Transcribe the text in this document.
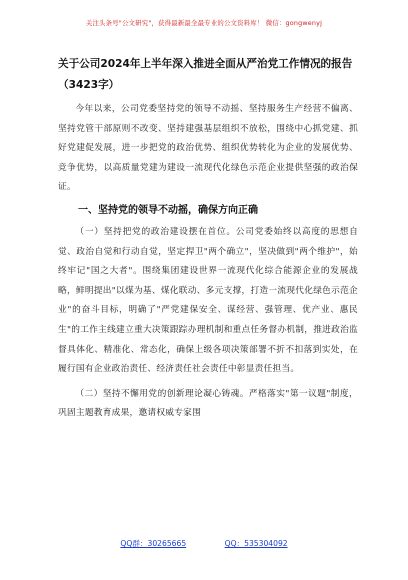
关注头条号"公文研究"，获得最新最全最专业的公文资料库！ 微信：gongwenyj
关于公司2024年上半年深入推进全面从严治党工作情况的报告（3423字）

今年以来，公司党委坚持党的领导不动摇、坚持服务生产经营不偏离、坚持党管干部原则不改变、坚持建强基层组织不放松，围绕中心抓党建、抓好党建促发展，进一步把党的政治优势、组织优势转化为企业的发展优势、竞争优势，以高质量党建为建设一流现代化绿色示范企业提供坚强的政治保证。

一、坚持党的领导不动摇，确保方向正确

（一）坚持把党的政治建设摆在首位。公司党委始终以高度的思想自觉、政治自觉和行动自觉，坚定捍卫"两个确立"，坚决做到"两个维护"，始终牢记"国之大者"。围绕集团建设世界一流现代化综合能源企业的发展战略，鲜明提出"以煤为基、煤化联动、多元支撑，打造一流现代化绿色示范企业"的奋斗目标，明确了"严党建保安全、谋经营、强管理、优产业、惠民生"的工作主线建立重大决策跟踪办理机制和重点任务督办机制，推进政治监督具体化、精准化、常态化，确保上级各项决策部署不折不扣落到实处，在履行国有企业政治责任、经济责任社会责任中彰显责任担当。

（二）坚持不懈用党的创新理论凝心铸魂。严格落实"第一议题"制度，巩固主题教育成果，邀请权威专家围

QQ群：30265665	QQ：535304092
